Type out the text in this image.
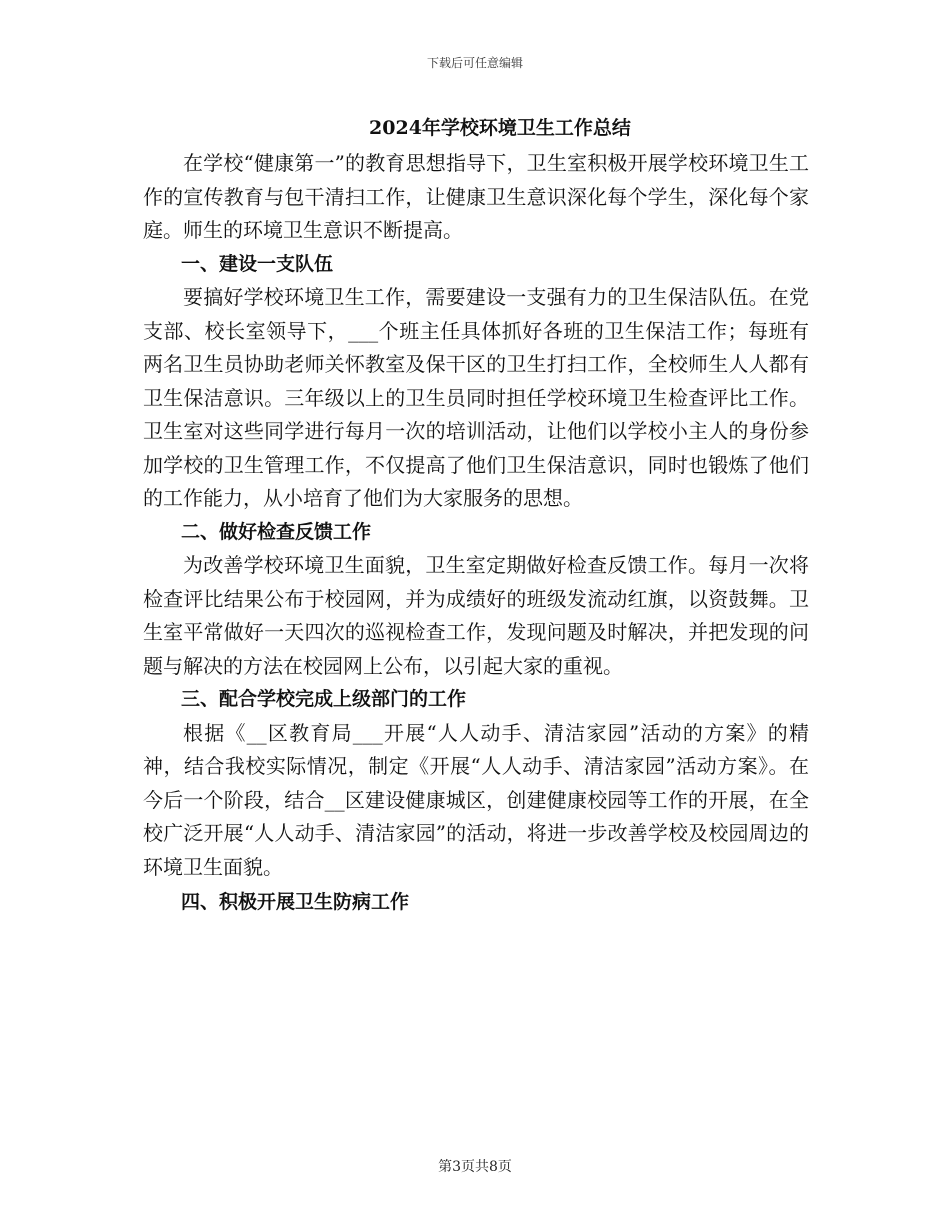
下载后可任意编辑
2024年学校环境卫生工作总结

在学校“健康第一”的教育思想指导下，卫生室积极开展学校环境卫生工作的宣传教育与包干清扫工作，让健康卫生意识深化每个学生，深化每个家庭。师生的环境卫生意识不断提高。

一、建设一支队伍

要搞好学校环境卫生工作，需要建设一支强有力的卫生保洁队伍。在党支部、校长室领导下，___个班主任具体抓好各班的卫生保洁工作；每班有两名卫生员协助老师关怀教室及保干区的卫生打扫工作，全校师生人人都有卫生保洁意识。三年级以上的卫生员同时担任学校环境卫生检查评比工作。卫生室对这些同学进行每月一次的培训活动，让他们以学校小主人的身份参加学校的卫生管理工作，不仅提高了他们卫生保洁意识，同时也锻炼了他们的工作能力，从小培育了他们为大家服务的思想。

二、做好检查反馈工作

为改善学校环境卫生面貌，卫生室定期做好检查反馈工作。每月一次将检查评比结果公布于校园网，并为成绩好的班级发流动红旗，以资鼓舞。卫生室平常做好一天四次的巡视检查工作，发现问题及时解决，并把发现的问题与解决的方法在校园网上公布，以引起大家的重视。

三、配合学校完成上级部门的工作

根据《__区教育局___开展“人人动手、清洁家园”活动的方案》的精神，结合我校实际情况，制定《开展“人人动手、清洁家园”活动方案》。在今后一个阶段，结合__区建设健康城区，创建健康校园等工作的开展，在全校广泛开展“人人动手、清洁家园”的活动，将进一步改善学校及校园周边的环境卫生面貌。

四、积极开展卫生防病工作

第3页共8页
